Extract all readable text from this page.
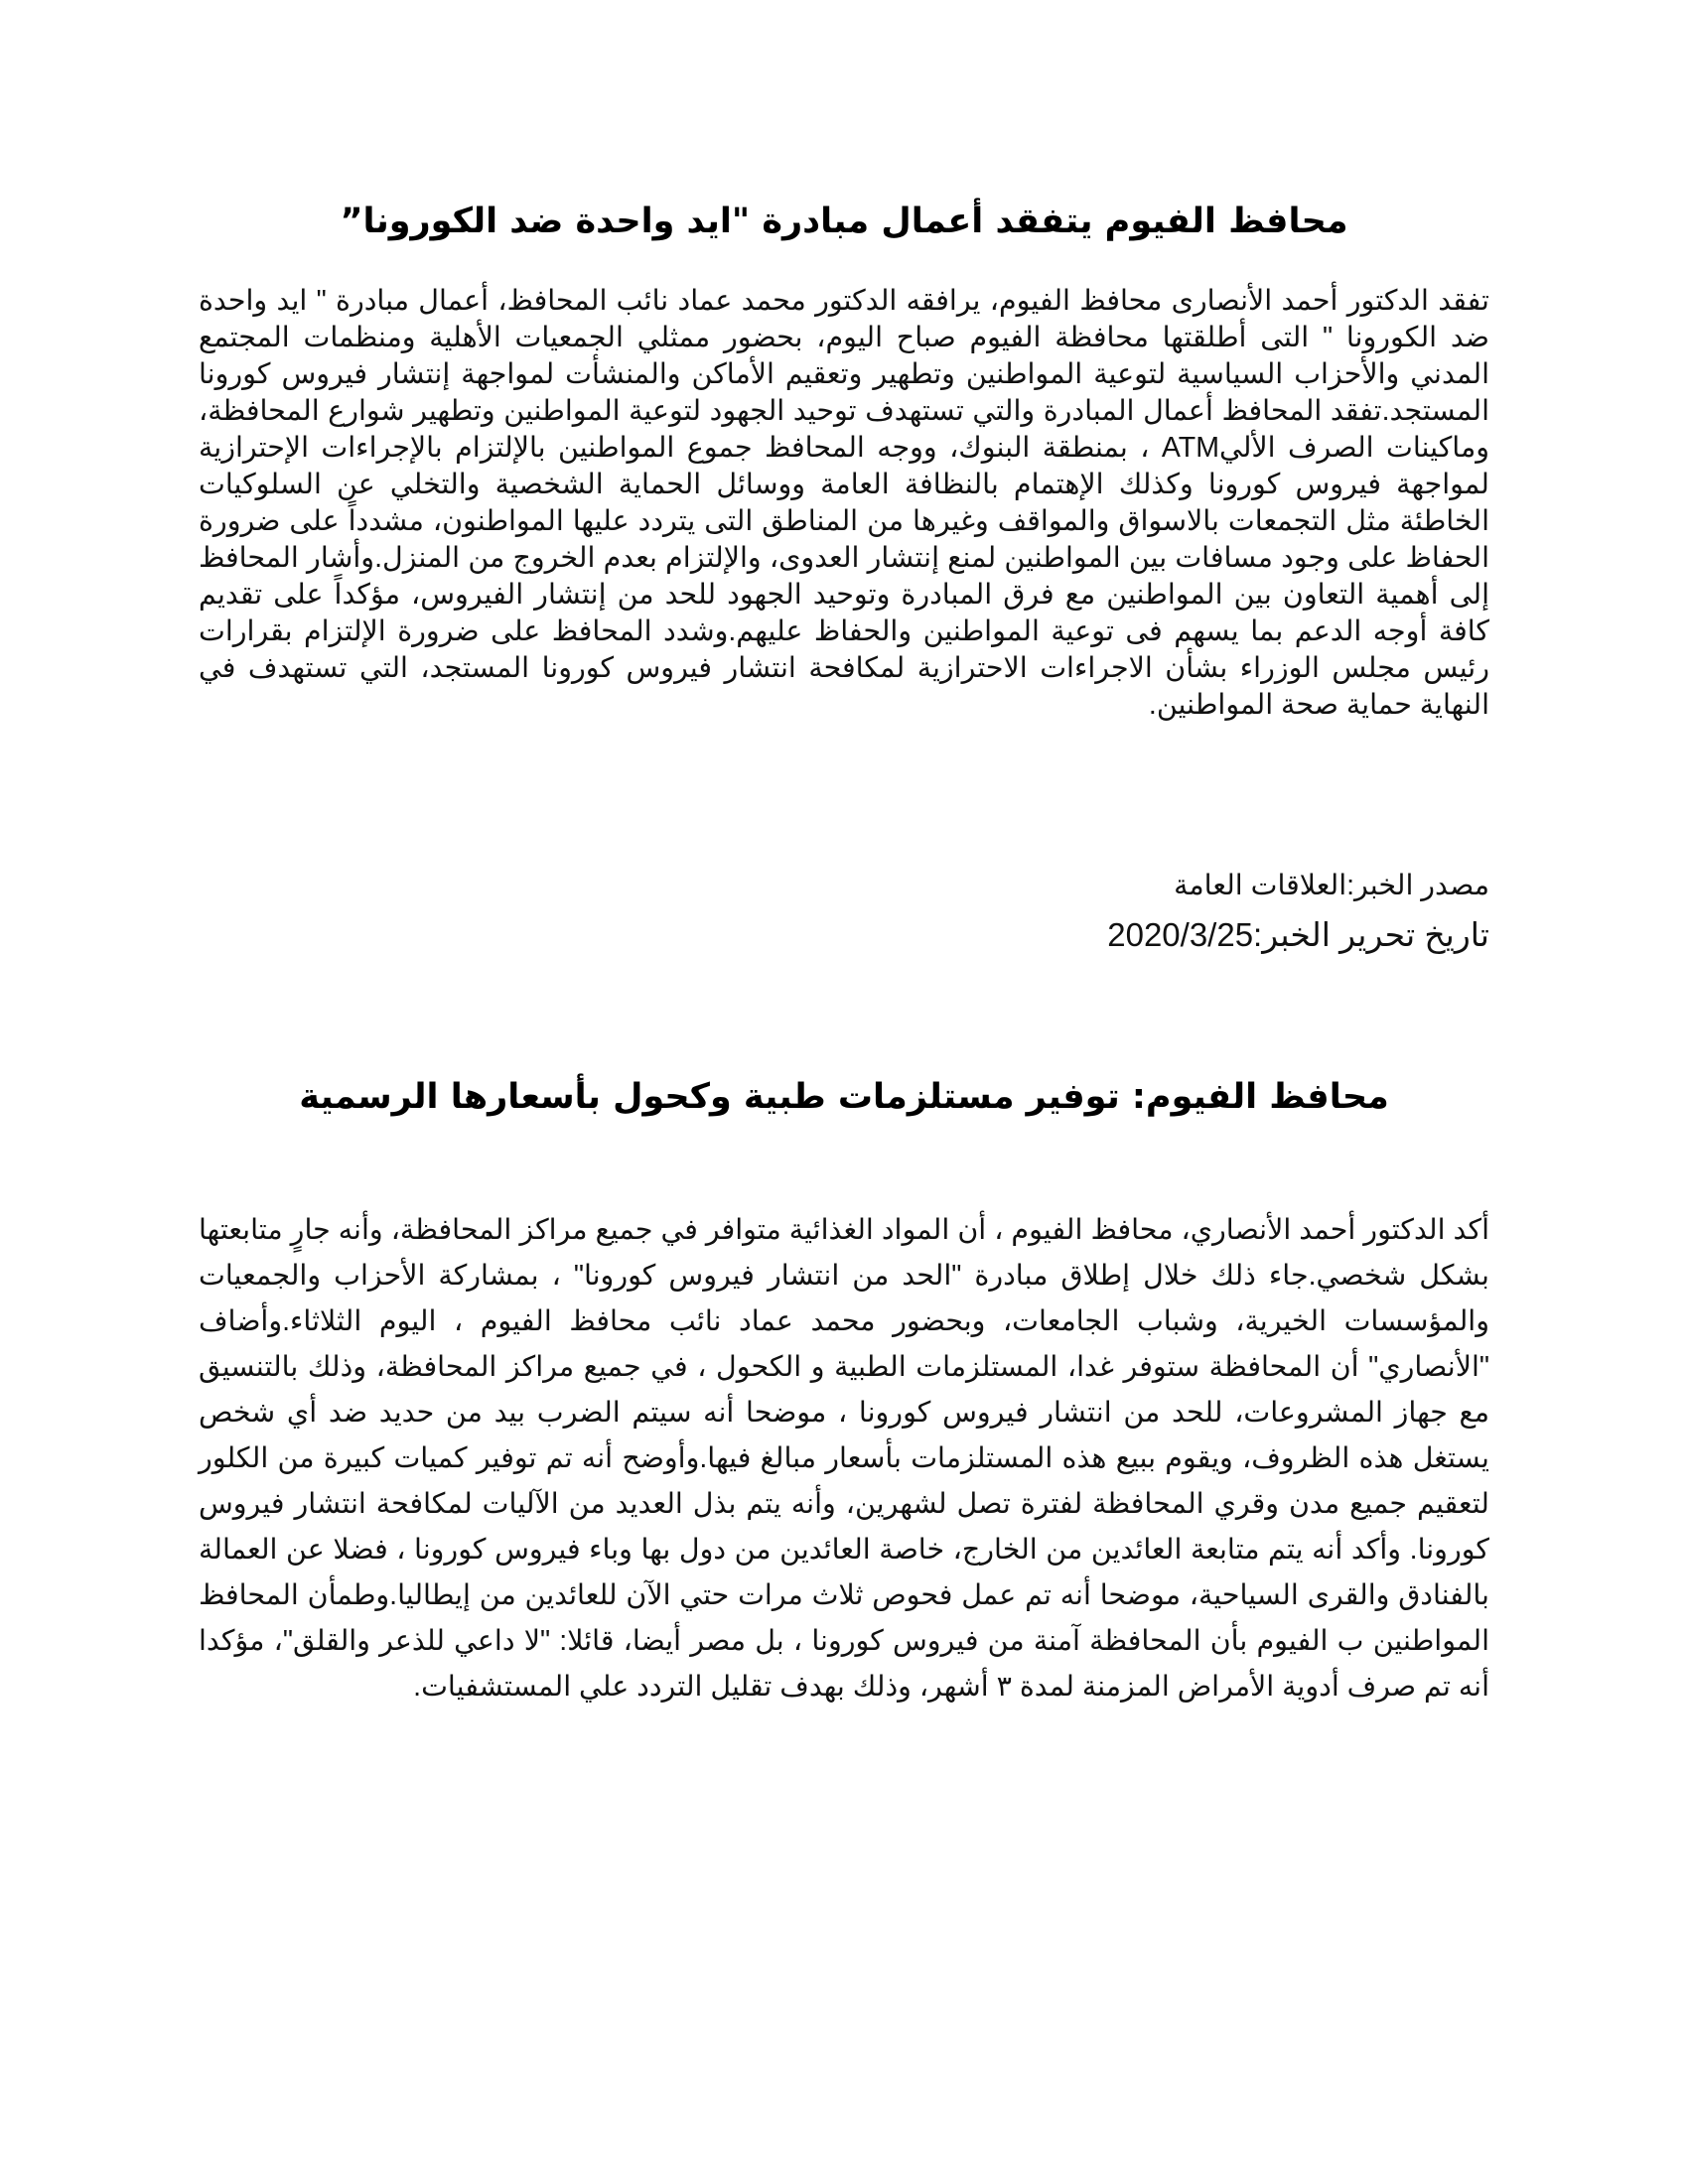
محافظ الفيوم يتفقد أعمال مبادرة "ايد واحدة ضد الكورونا”

تفقد الدكتور أحمد الأنصارى محافظ الفيوم، يرافقه الدكتور محمد عماد نائب المحافظ، أعمال مبادرة " ايد واحدة ضد الكورونا " التى أطلقتها محافظة الفيوم صباح اليوم، بحضور ممثلي الجمعيات الأهلية ومنظمات المجتمع المدني والأحزاب السياسية لتوعية المواطنين وتطهير وتعقيم الأماكن والمنشأت لمواجهة إنتشار فيروس كورونا المستجد.تفقد المحافظ أعمال المبادرة والتي تستهدف توحيد الجهود لتوعية المواطنين وتطهير شوارع المحافظة، وماكينات الصرف الأليATM ، بمنطقة البنوك، ووجه المحافظ جموع المواطنين بالإلتزام بالإجراءات الإحترازية لمواجهة فيروس كورونا وكذلك الإهتمام بالنظافة العامة ووسائل الحماية الشخصية والتخلي عن السلوكيات الخاطئة مثل التجمعات بالاسواق والمواقف وغيرها من المناطق التى يتردد عليها المواطنون، مشدداً على ضرورة الحفاظ على وجود مسافات بين المواطنين لمنع إنتشار العدوى، والإلتزام بعدم الخروج من المنزل.وأشار المحافظ إلى أهمية التعاون بين المواطنين مع فرق المبادرة وتوحيد الجهود للحد من إنتشار الفيروس، مؤكداً على تقديم كافة أوجه الدعم بما يسهم فى توعية المواطنين والحفاظ عليهم.وشدد المحافظ على ضرورة الإلتزام بقرارات رئيس مجلس الوزراء بشأن الاجراءات الاحترازية لمكافحة انتشار فيروس كورونا المستجد، التي تستهدف في النهاية حماية صحة المواطنين.

مصدر الخبر:العلاقات العامة

تاريخ تحرير الخبر:2020/3/25

محافظ الفيوم: توفير مستلزمات طبية وكحول بأسعارها الرسمية

أكد الدكتور أحمد الأنصاري، محافظ الفيوم ، أن المواد الغذائية متوافر في جميع مراكز المحافظة، وأنه جارٍ متابعتها بشكل شخصي.جاء ذلك خلال إطلاق مبادرة "الحد من انتشار فيروس كورونا" ، بمشاركة الأحزاب والجمعيات والمؤسسات الخيرية، وشباب الجامعات، وبحضور محمد عماد نائب محافظ الفيوم ، اليوم الثلاثاء.وأضاف "الأنصاري" أن المحافظة ستوفر غدا، المستلزمات الطبية و الكحول ، في جميع مراكز المحافظة، وذلك بالتنسيق مع جهاز المشروعات، للحد من انتشار فيروس كورونا ، موضحا أنه سيتم الضرب بيد من حديد ضد أي شخص يستغل هذه الظروف، ويقوم ببيع هذه المستلزمات بأسعار مبالغ فيها.وأوضح أنه تم توفير كميات كبيرة من الكلور لتعقيم جميع مدن وقري المحافظة لفترة تصل لشهرين، وأنه يتم بذل العديد من الآليات لمكافحة انتشار فيروس كورونا. وأكد أنه يتم متابعة العائدين من الخارج، خاصة العائدين من دول بها وباء فيروس كورونا ، فضلا عن العمالة بالفنادق والقرى السياحية، موضحا أنه تم عمل فحوص ثلاث مرات حتي الآن للعائدين من إيطاليا.وطمأن المحافظ المواطنين ب الفيوم بأن المحافظة آمنة من فيروس كورونا ، بل مصر أيضا، قائلا: "لا داعي للذعر والقلق"، مؤكدا أنه تم صرف أدوية الأمراض المزمنة لمدة ٣ أشهر، وذلك بهدف تقليل التردد علي المستشفيات.
